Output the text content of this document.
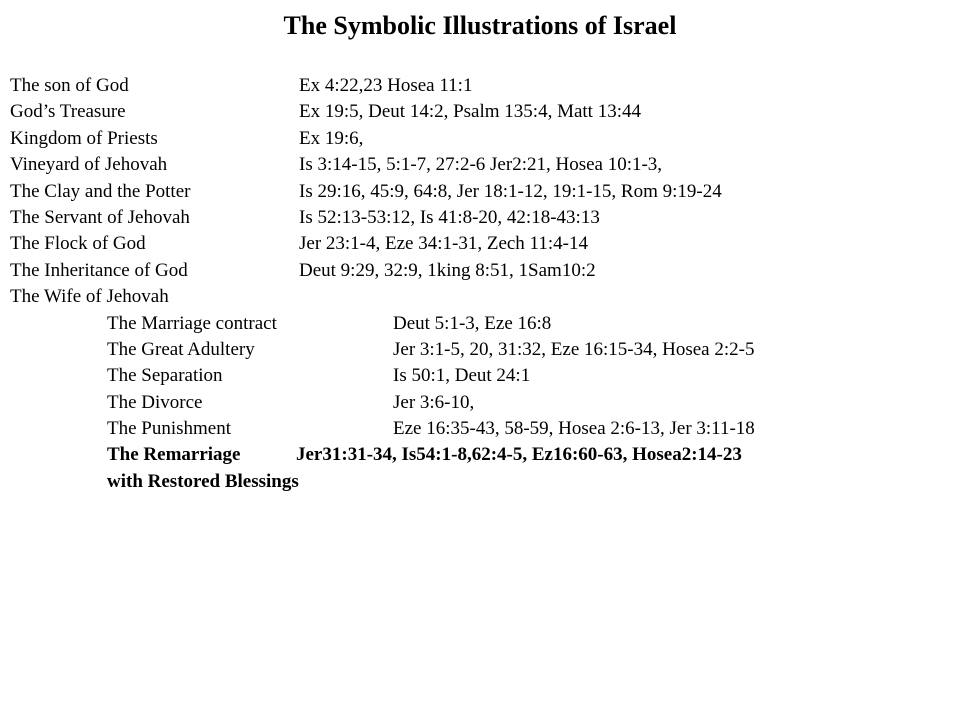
The Symbolic Illustrations of Israel
The son of God	Ex 4:22,23 Hosea 11:1
God’s Treasure	Ex 19:5, Deut 14:2, Psalm 135:4, Matt 13:44
Kingdom of Priests	Ex 19:6,
Vineyard of Jehovah	Is 3:14-15, 5:1-7, 27:2-6 Jer2:21, Hosea 10:1-3,
The Clay and the Potter	Is 29:16, 45:9, 64:8, Jer 18:1-12, 19:1-15, Rom 9:19-24
The Servant of Jehovah	Is 52:13-53:12, Is 41:8-20, 42:18-43:13
The Flock of God	Jer 23:1-4, Eze 34:1-31, Zech 11:4-14
The Inheritance of God	Deut 9:29, 32:9, 1king 8:51, 1Sam10:2
The Wife of Jehovah
The Marriage contract	Deut 5:1-3, Eze 16:8
The Great Adultery	Jer 3:1-5, 20, 31:32, Eze 16:15-34, Hosea 2:2-5
The Separation	Is 50:1, Deut 24:1
The Divorce	Jer 3:6-10,
The Punishment	Eze 16:35-43, 58-59, Hosea 2:6-13, Jer 3:11-18
The Remarriage	Jer31:31-34, Is54:1-8,62:4-5, Ez16:60-63, Hosea2:14-23
with Restored Blessings
